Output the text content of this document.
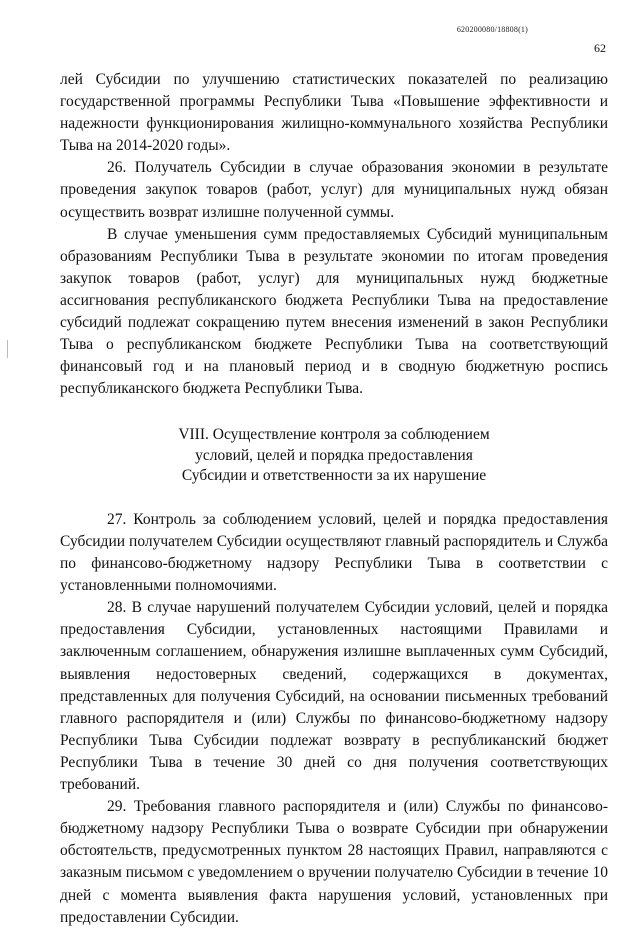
620200080/18808(1)
62

лей Субсидии по улучшению статистических показателей по реализацию государственной программы Республики Тыва «Повышение эффективности и надежности функционирования жилищно-коммунального хозяйства Республики Тыва на 2014-2020 годы».

26. Получатель Субсидии в случае образования экономии в результате проведения закупок товаров (работ, услуг) для муниципальных нужд обязан осуществить возврат излишне полученной суммы.

В случае уменьшения сумм предоставляемых Субсидий муниципальным образованиям Республики Тыва в результате экономии по итогам проведения закупок товаров (работ, услуг) для муниципальных нужд бюджетные ассигнования республиканского бюджета Республики Тыва на предоставление субсидий подлежат сокращению путем внесения изменений в закон Республики Тыва о республиканском бюджете Республики Тыва на соответствующий финансовый год и на плановый период и в сводную бюджетную роспись республиканского бюджета Республики Тыва.

VIII. Осуществление контроля за соблюдением
условий, целей и порядка предоставления
Субсидии и ответственности за их нарушение

27. Контроль за соблюдением условий, целей и порядка предоставления Субсидии получателем Субсидии осуществляют главный распорядитель и Служба по финансово-бюджетному надзору Республики Тыва в соответствии с установленными полномочиями.

28. В случае нарушений получателем Субсидии условий, целей и порядка предоставления Субсидии, установленных настоящими Правилами и заключенным соглашением, обнаружения излишне выплаченных сумм Субсидий, выявления недостоверных сведений, содержащихся в документах, представленных для получения Субсидий, на основании письменных требований главного распорядителя и (или) Службы по финансово-бюджетному надзору Республики Тыва Субсидии подлежат возврату в республиканский бюджет Республики Тыва в течение 30 дней со дня получения соответствующих требований.

29. Требования главного распорядителя и (или) Службы по финансово-бюджетному надзору Республики Тыва о возврате Субсидии при обнаружении обстоятельств, предусмотренных пунктом 28 настоящих Правил, направляются с заказным письмом с уведомлением о вручении получателю Субсидии в течение 10 дней с момента выявления факта нарушения условий, установленных при предоставлении Субсидии.
